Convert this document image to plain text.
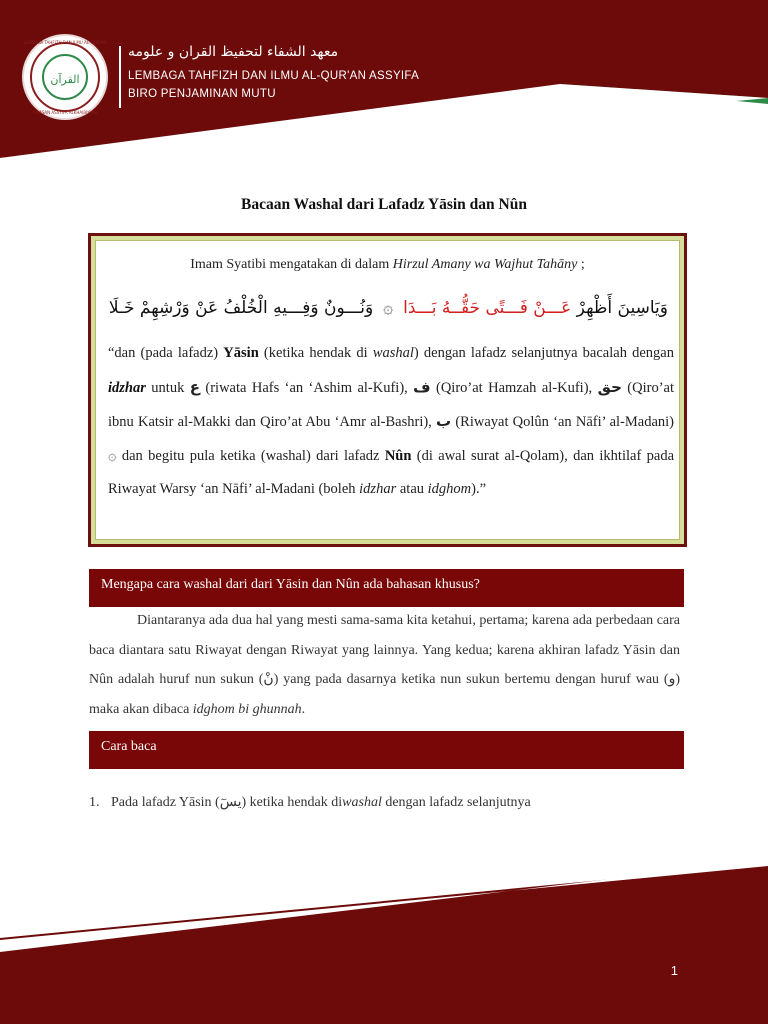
LEMBAGA TAHFIZH DAN ILMU AL-QUR'AN
القرآن
YAYASAN ASSYIFA ALKHAIRIYYAH
معهد الشفاء لتحفيظ القران و علومه
LEMBAGA TAHFIZH DAN ILMU AL-QUR'AN ASSYIFA
BIRO PENJAMINAN MUTU
Bacaan Washal dari Lafadz Yāsin dan Nûn
Imam Syatibi mengatakan di dalam Hirzul Amany wa Wajhut Tahāny ;
وَيَاسِينَ أَظْهِرْ عَـــنْ فَـــتًى حَقُّــهُ بَـــدَا۞وَنُـــونٌ وَفِـــيهِ الْخُلْفُ عَنْ وَرْشِهِمْ خَـلَا
“dan (pada lafadz) Yāsin (ketika hendak di washal) dengan lafadz selanjutnya bacalah dengan idzhar untuk ع (riwata Hafs ‘an ‘Ashim al-Kufi), ف (Qiro’at Hamzah al-Kufi), حق (Qiro’at ibnu Katsir al-Makki dan Qiro’at Abu ‘Amr al-Bashri), ب (Riwayat Qolûn ‘an Nāfi’ al-Madani) ۞ dan begitu pula ketika (washal) dari lafadz Nûn (di awal surat al-Qolam), dan ikhtilaf pada Riwayat Warsy ‘an Nāfi’ al-Madani (boleh idzhar atau idghom).”
Mengapa cara washal dari dari Yāsin dan Nûn ada bahasan khusus?
Diantaranya ada dua hal yang mesti sama-sama kita ketahui, pertama; karena ada perbedaan cara baca diantara satu Riwayat dengan Riwayat yang lainnya. Yang kedua; karena akhiran lafadz Yāsin dan Nûn adalah huruf nun sukun (نْ) yang pada dasarnya ketika nun sukun bertemu dengan huruf wau (و) maka akan dibaca idghom bi ghunnah.
Cara baca
1. Pada lafadz Yāsin (يسٓ) ketika hendak diwashal dengan lafadz selanjutnya
1
